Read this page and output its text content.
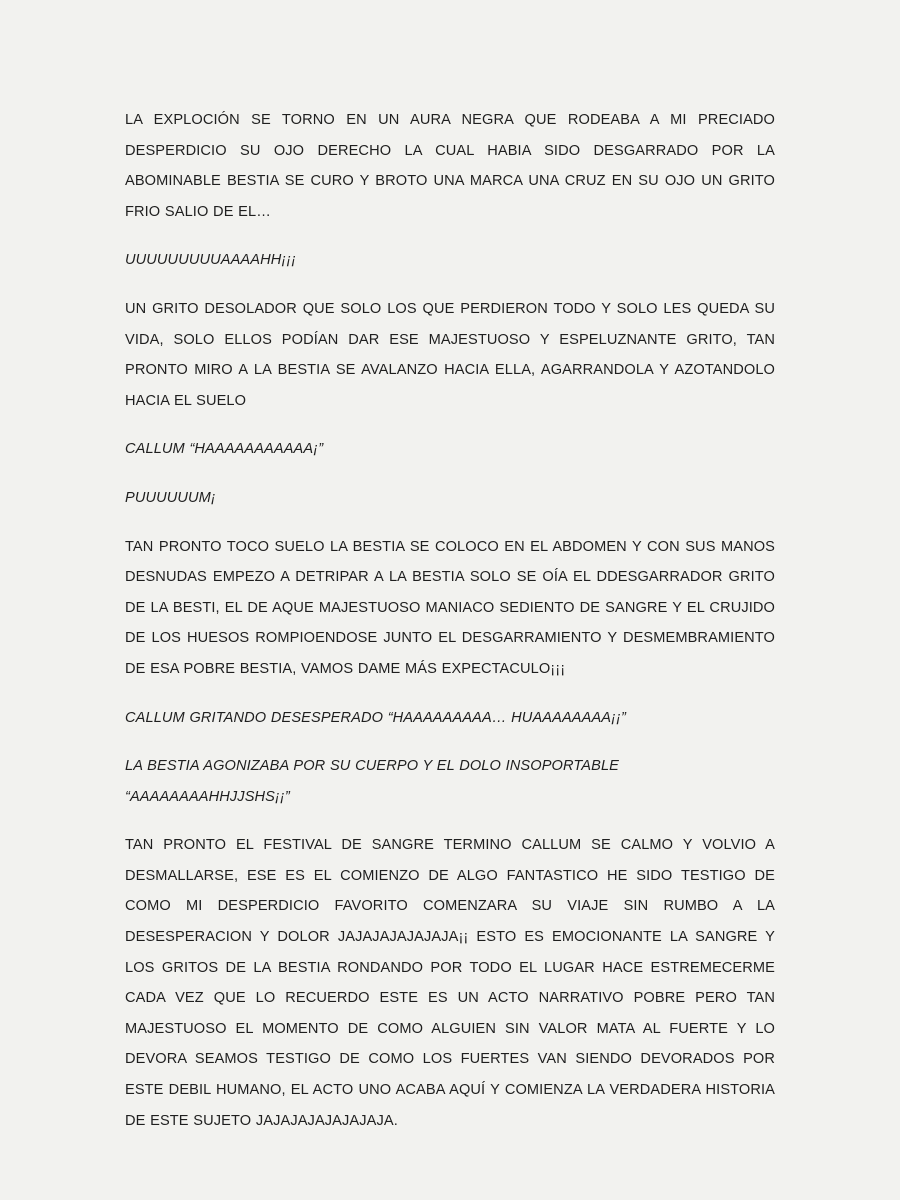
LA EXPLOCIÓN SE TORNO EN UN AURA NEGRA QUE RODEABA A MI PRECIADO DESPERDICIO SU OJO DERECHO LA CUAL HABIA SIDO DESGARRADO POR LA ABOMINABLE BESTIA SE CURO Y BROTO UNA MARCA UNA CRUZ EN SU OJO UN GRITO FRIO SALIO DE EL…

UUUUUUUUUAAAAHH¡¡¡

UN GRITO DESOLADOR QUE SOLO LOS QUE PERDIERON TODO Y SOLO LES QUEDA SU VIDA, SOLO ELLOS PODÍAN DAR ESE MAJESTUOSO Y ESPELUZNANTE GRITO, TAN PRONTO MIRO A LA BESTIA SE AVALANZO HACIA ELLA, AGARRANDOLA Y AZOTANDOLO HACIA EL SUELO

CALLUM “HAAAAAAAAAAA¡”

PUUUUUUM¡

TAN PRONTO TOCO SUELO LA BESTIA SE COLOCO EN EL ABDOMEN Y CON SUS MANOS DESNUDAS EMPEZO A DETRIPAR A LA BESTIA SOLO SE OÍA EL DDESGARRADOR GRITO DE LA BESTI, EL DE AQUE MAJESTUOSO MANIACO SEDIENTO DE SANGRE Y EL CRUJIDO DE LOS HUESOS ROMPIOENDOSE JUNTO EL DESGARRAMIENTO Y DESMEMBRAMIENTO DE ESA POBRE BESTIA, VAMOS DAME MÁS EXPECTACULO¡¡¡

CALLUM GRITANDO DESESPERADO “HAAAAAAAAA… HUAAAAAAAA¡¡”

LA BESTIA AGONIZABA POR SU CUERPO Y EL DOLO INSOPORTABLE “AAAAAAAAHHJJSHS¡¡”

TAN PRONTO EL FESTIVAL DE SANGRE TERMINO CALLUM SE CALMO Y VOLVIO A DESMALLARSE, ESE ES EL COMIENZO DE ALGO FANTASTICO HE SIDO TESTIGO DE COMO MI DESPERDICIO FAVORITO COMENZARA SU VIAJE SIN RUMBO A LA DESESPERACION Y DOLOR JAJAJAJAJAJAJA¡¡ ESTO ES EMOCIONANTE LA SANGRE Y LOS GRITOS DE LA BESTIA RONDANDO POR TODO EL LUGAR HACE ESTREMECERME CADA VEZ QUE LO RECUERDO ESTE ES UN ACTO NARRATIVO POBRE PERO TAN MAJESTUOSO EL MOMENTO DE COMO ALGUIEN SIN VALOR MATA AL FUERTE Y LO DEVORA SEAMOS TESTIGO DE COMO LOS FUERTES VAN SIENDO DEVORADOS POR ESTE DEBIL HUMANO, EL ACTO UNO ACABA AQUÍ Y COMIENZA LA VERDADERA HISTORIA DE ESTE SUJETO JAJAJAJAJAJAJAJA.
